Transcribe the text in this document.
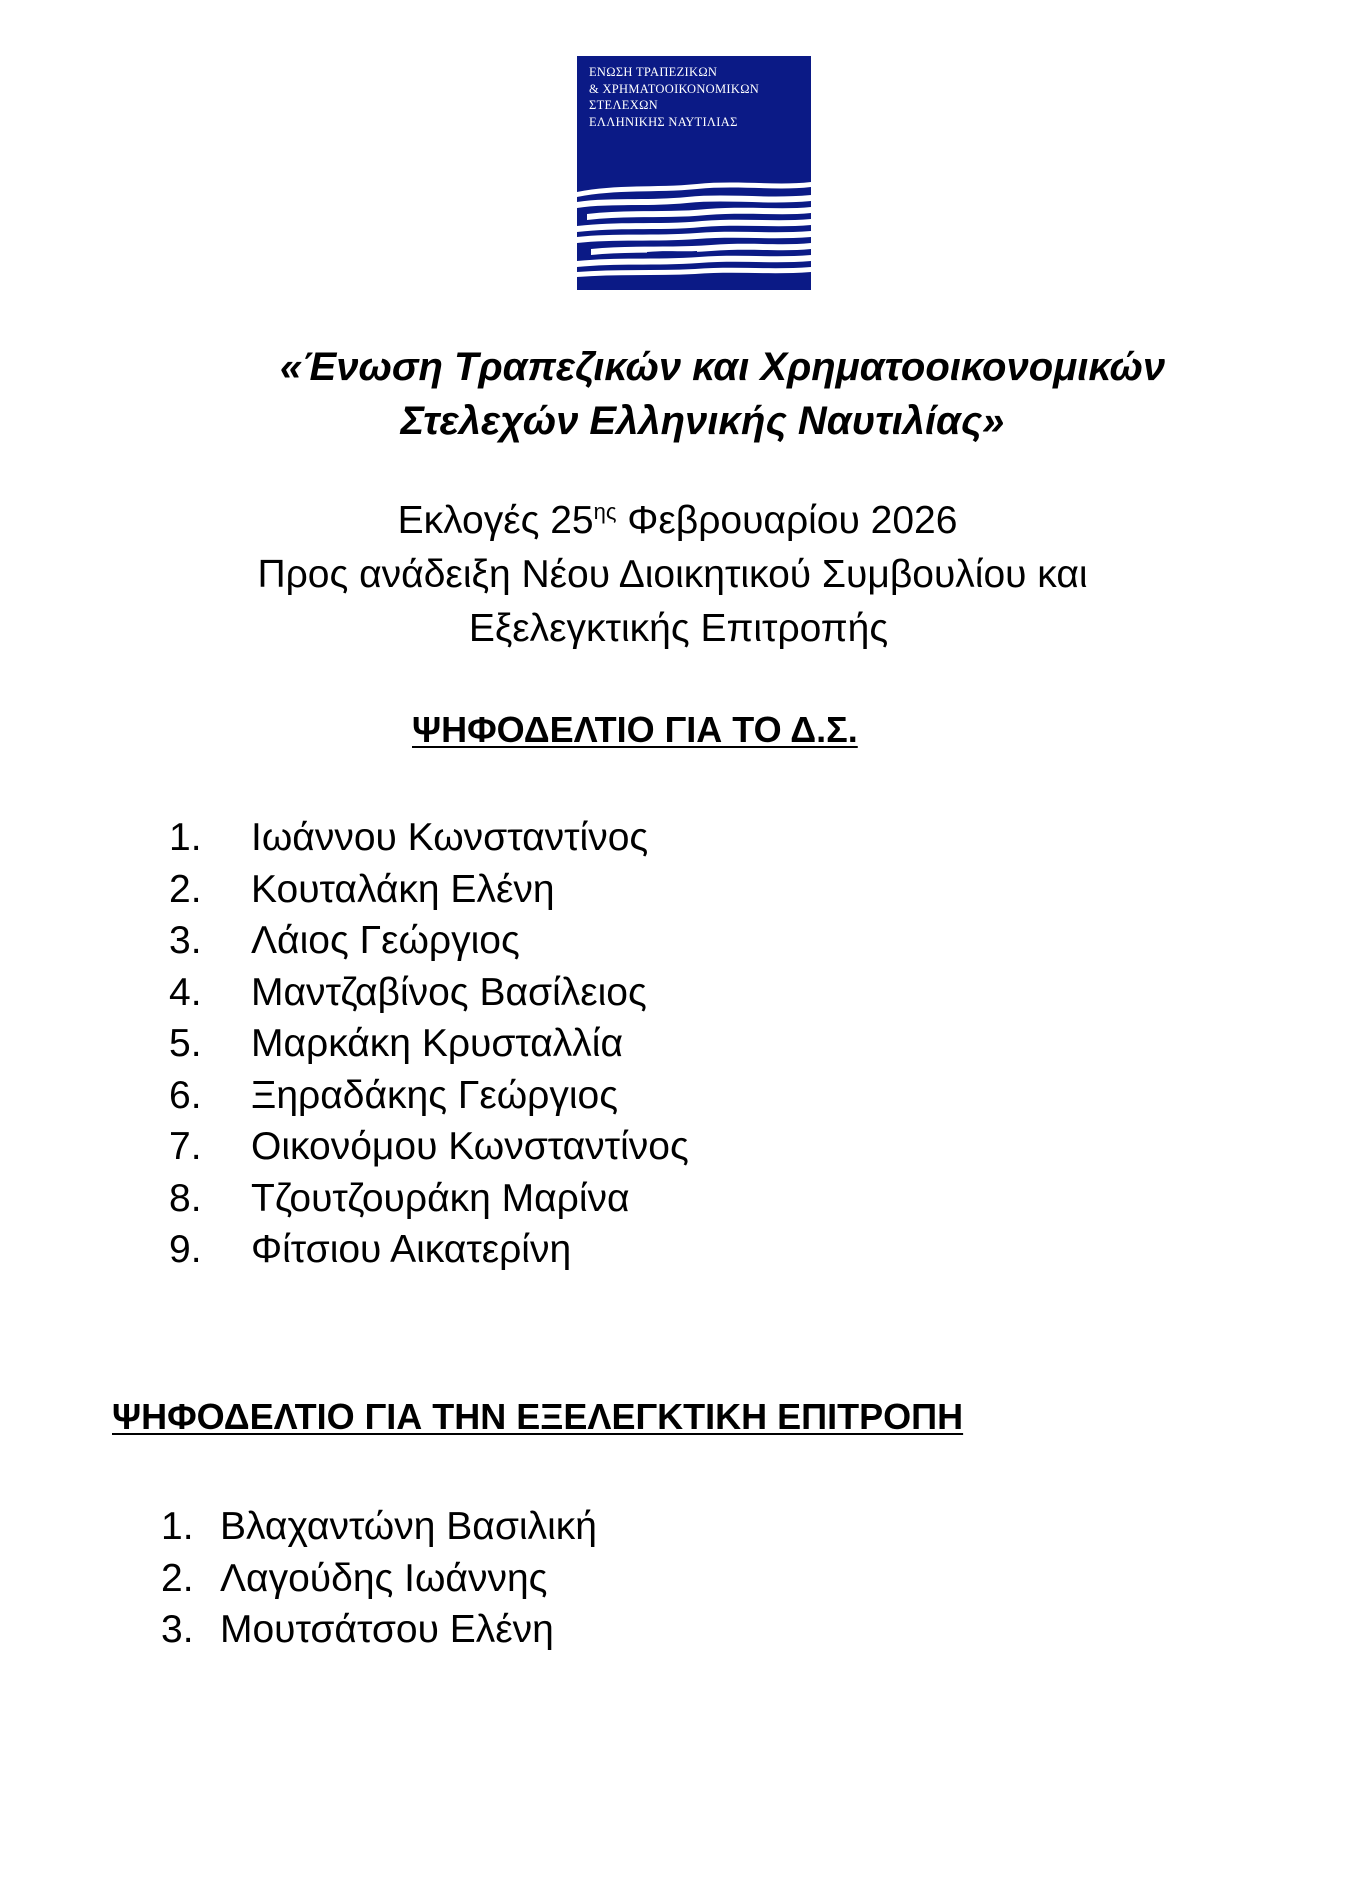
ΕΝΩΣΗ ΤΡΑΠΕΖΙΚΩΝ
& ΧΡΗΜΑΤΟΟΙΚΟΝΟΜΙΚΩΝ
ΣΤΕΛΕΧΩΝ
ΕΛΛΗΝΙΚΗΣ ΝΑΥΤΙΛΙΑΣ
«Ένωση Τραπεζικών και Χρηματοοικονομικών
Στελεχών Ελληνικής Ναυτιλίας»
Εκλογές $25^{\eta\varsigma}$ Φεβρουαρίου 2026
Προς ανάδειξη Νέου Διοικητικού Συμβουλίου και
Εξελεγκτικής Επιτροπής
ΨΗΦΟΔΕΛΤΙΟ ΓΙΑ ΤΟ Δ.Σ.
1.	Ιωάννου Κωνσταντίνος
2.	Κουταλάκη Ελένη
3.	Λάιος Γεώργιος
4.	Μαντζαβίνος Βασίλειος
5.	Μαρκάκη Κρυσταλλία
6.	Ξηραδάκης Γεώργιος
7.	Οικονόμου Κωνσταντίνος
8.	Τζουτζουράκη Μαρίνα
9.	Φίτσιου Αικατερίνη
ΨΗΦΟΔΕΛΤΙΟ ΓΙΑ ΤΗΝ ΕΞΕΛΕΓΚΤΙΚΗ ΕΠΙΤΡΟΠΗ
1. Βλαχαντώνη Βασιλική
2. Λαγούδης Ιωάννης
3. Μουτσάτσου Ελένη
